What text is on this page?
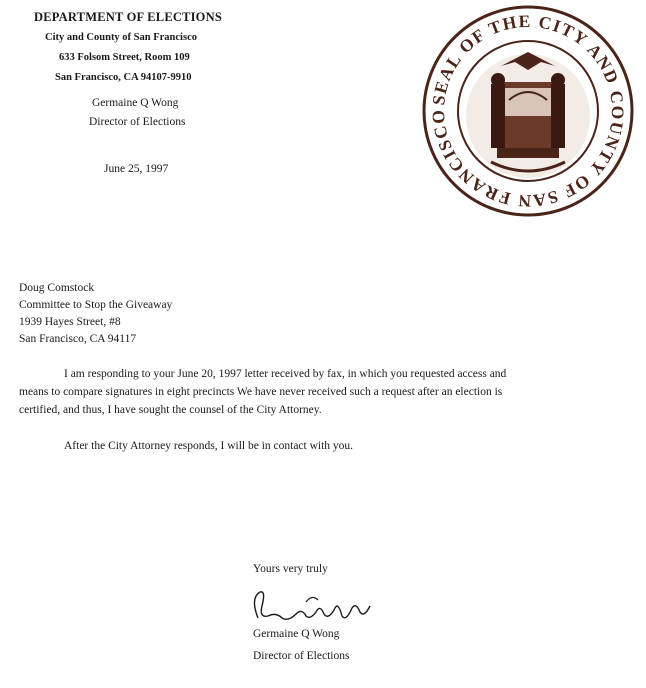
DEPARTMENT OF ELECTIONS
City and County of San Francisco
633 Folsom Street, Room 109
San Francisco, CA 94107-9910
Germaine Q Wong
Director of Elections
SEAL OF THE CITY AND COUNTY OF SAN FRANCISCO
June 25, 1997
Doug Comstock
Committee to Stop the Giveaway
1939 Hayes Street, #8
San Francisco, CA 94117
I am responding to your June 20, 1997 letter received by fax, in which you requested access and
means to compare signatures in eight precincts We have never received such a request after an election is
certified, and thus, I have sought the counsel of the City Attorney.
After the City Attorney responds, I will be in contact with you.
Yours very truly
Germaine Q Wong
Director of Elections
